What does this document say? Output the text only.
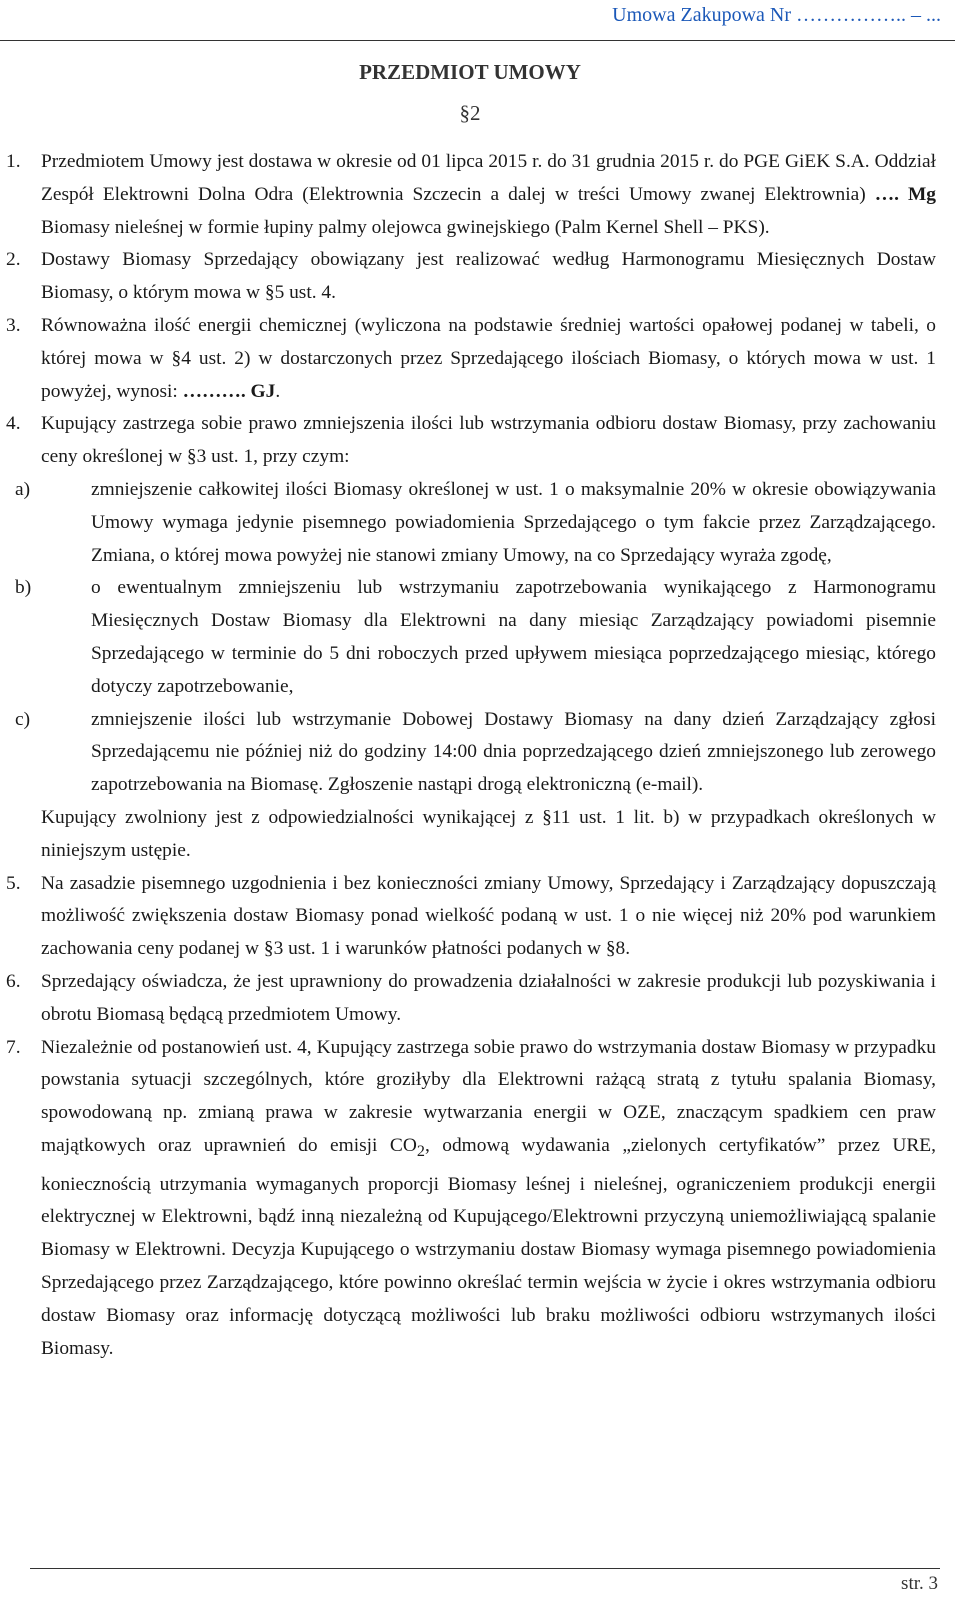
Umowa Zakupowa Nr …………….. – ...
PRZEDMIOT UMOWY
§2
1. Przedmiotem Umowy jest dostawa w okresie od 01 lipca 2015 r. do 31 grudnia 2015 r. do PGE GiEK S.A. Oddział Zespół Elektrowni Dolna Odra (Elektrownia Szczecin a dalej w treści Umowy zwanej Elektrownia) …. Mg Biomasy nieleśnej w formie łupiny palmy olejowca gwinejskiego (Palm Kernel Shell – PKS).
2. Dostawy Biomasy Sprzedający obowiązany jest realizować według Harmonogramu Miesięcznych Dostaw Biomasy, o którym mowa w §5 ust. 4.
3. Równoważna ilość energii chemicznej (wyliczona na podstawie średniej wartości opałowej podanej w tabeli, o której mowa w §4 ust. 2) w dostarczonych przez Sprzedającego ilościach Biomasy, o których mowa w ust. 1 powyżej, wynosi: ………. GJ.
4. Kupujący zastrzega sobie prawo zmniejszenia ilości lub wstrzymania odbioru dostaw Biomasy, przy zachowaniu ceny określonej w §3 ust. 1, przy czym:
a)	zmniejszenie całkowitej ilości Biomasy określonej w ust. 1 o maksymalnie 20% w okresie obowiązywania Umowy wymaga jedynie pisemnego powiadomienia Sprzedającego o tym fakcie przez Zarządzającego. Zmiana, o której mowa powyżej nie stanowi zmiany Umowy, na co Sprzedający wyraża zgodę,
b)	o ewentualnym zmniejszeniu lub wstrzymaniu zapotrzebowania wynikającego z Harmonogramu Miesięcznych Dostaw Biomasy dla Elektrowni na dany miesiąc Zarządzający powiadomi pisemnie Sprzedającego w terminie do 5 dni roboczych przed upływem miesiąca poprzedzającego miesiąc, którego dotyczy zapotrzebowanie,
c)	zmniejszenie ilości lub wstrzymanie Dobowej Dostawy Biomasy na dany dzień Zarządzający zgłosi Sprzedającemu nie później niż do godziny 14:00 dnia poprzedzającego dzień zmniejszonego lub zerowego zapotrzebowania na Biomasę. Zgłoszenie nastąpi drogą elektroniczną (e-mail).
Kupujący zwolniony jest z odpowiedzialności wynikającej z §11 ust. 1 lit. b) w przypadkach określonych w niniejszym ustępie.
5. Na zasadzie pisemnego uzgodnienia i bez konieczności zmiany Umowy, Sprzedający i Zarządzający dopuszczają możliwość zwiększenia dostaw Biomasy ponad wielkość podaną w ust. 1 o nie więcej niż 20% pod warunkiem zachowania ceny podanej w §3 ust. 1 i warunków płatności podanych w §8.
6. Sprzedający oświadcza, że jest uprawniony do prowadzenia działalności w zakresie produkcji lub pozyskiwania i obrotu Biomasą będącą przedmiotem Umowy.
7. Niezależnie od postanowień ust. 4, Kupujący zastrzega sobie prawo do wstrzymania dostaw Biomasy w przypadku powstania sytuacji szczególnych, które groziłyby dla Elektrowni rażącą stratą z tytułu spalania Biomasy, spowodowaną np. zmianą prawa w zakresie wytwarzania energii w OZE, znaczącym spadkiem cen praw majątkowych oraz uprawnień do emisji $CO_2$, odmową wydawania „zielonych certyfikatów” przez URE, koniecznością utrzymania wymaganych proporcji Biomasy leśnej i nieleśnej, ograniczeniem produkcji energii elektrycznej w Elektrowni, bądź inną niezależną od Kupującego/Elektrowni przyczyną uniemożliwiającą spalanie Biomasy w Elektrowni. Decyzja Kupującego o wstrzymaniu dostaw Biomasy wymaga pisemnego powiadomienia Sprzedającego przez Zarządzającego, które powinno określać termin wejścia w życie i okres wstrzymania odbioru dostaw Biomasy oraz informację dotyczącą możliwości lub braku możliwości odbioru wstrzymanych ilości Biomasy.
str. 3
